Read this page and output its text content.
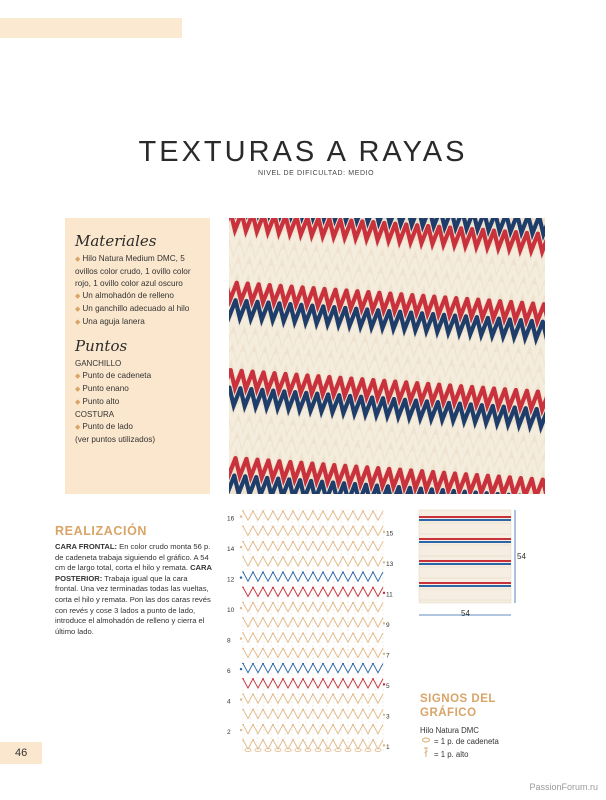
TEXTURAS A RAYAS
NIVEL DE DIFICULTAD: MEDIO
Materiales
◆ Hilo Natura Medium DMC, 5 ovillos color crudo, 1 ovillo color rojo, 1 ovillo color azul oscuro
◆ Un almohadón de relleno
◆ Un ganchillo adecuado al hilo
◆ Una aguja lanera
Puntos
GANCHILLO
◆ Punto de cadeneta
◆ Punto enano
◆ Punto alto
COSTURA
◆ Punto de lado
(ver puntos utilizados)
REALIZACIÓN
CARA FRONTAL: En color crudo monta 56 p. de cadeneta trabaja siguiendo el gráfico. A 54 cm de largo total, corta el hilo y remata. CARA POSTERIOR: Trabaja igual que la cara frontal. Una vez terminadas todas las vueltas, corta el hilo y remata. Pon las dos caras revés con revés y cose 3 lados a punto de lado, introduce el almohadón de relleno y cierra el último lado.
1
2
3
4
5
6
7
8
9
10
11
12
13
14
15
16
54
54
SIGNOS DEL GRÁFICO
Hilo Natura DMC
= 1 p. de cadeneta
= 1 p. alto
46
PassionForum.ru
